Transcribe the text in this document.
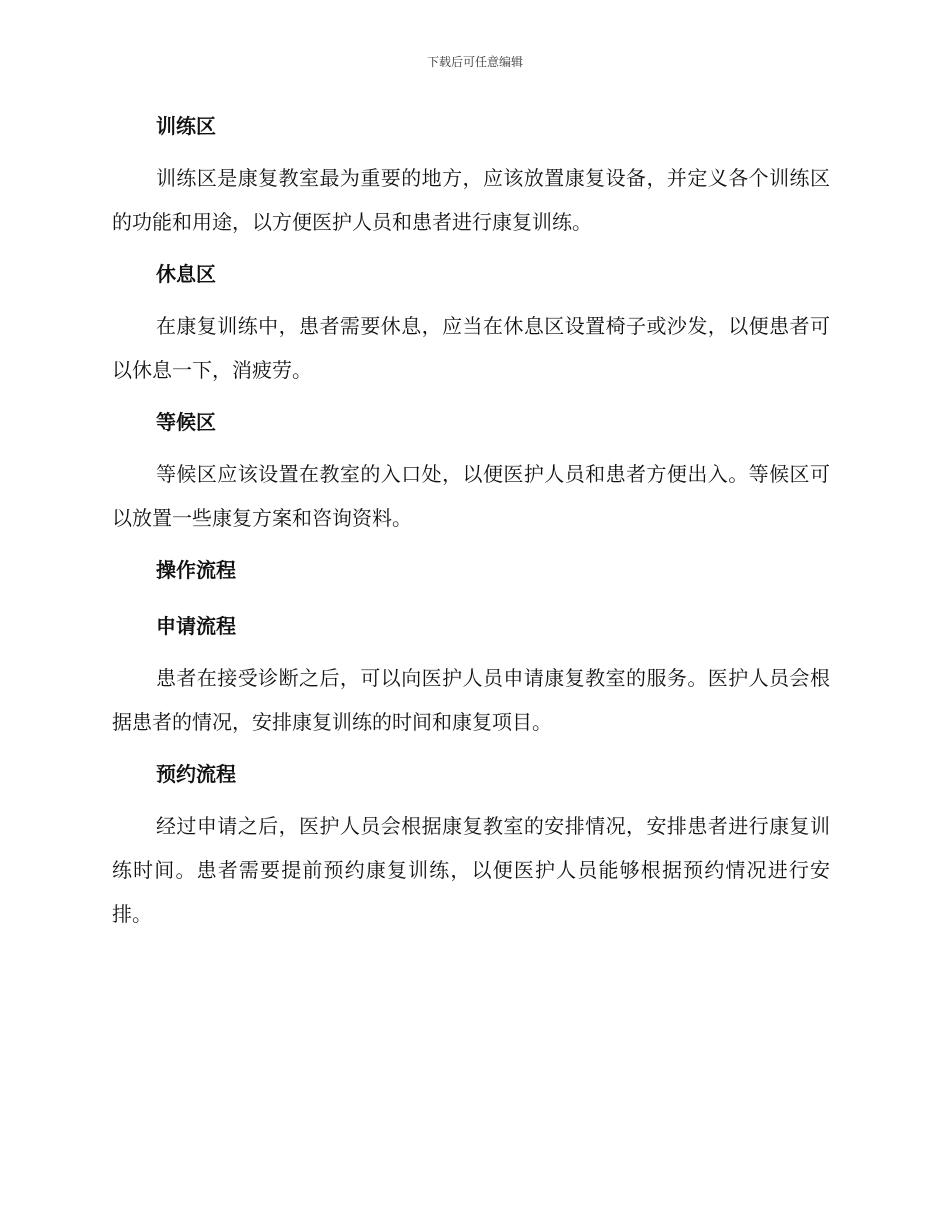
下载后可任意编辑
训练区

训练区是康复教室最为重要的地方，应该放置康复设备，并定义各个训练区的功能和用途，以方便医护人员和患者进行康复训练。

休息区

在康复训练中，患者需要休息，应当在休息区设置椅子或沙发，以便患者可以休息一下，消疲劳。

等候区

等候区应该设置在教室的入口处，以便医护人员和患者方便出入。等候区可以放置一些康复方案和咨询资料。

操作流程
申请流程

患者在接受诊断之后，可以向医护人员申请康复教室的服务。医护人员会根据患者的情况，安排康复训练的时间和康复项目。

预约流程

经过申请之后，医护人员会根据康复教室的安排情况，安排患者进行康复训练时间。患者需要提前预约康复训练，以便医护人员能够根据预约情况进行安排。
